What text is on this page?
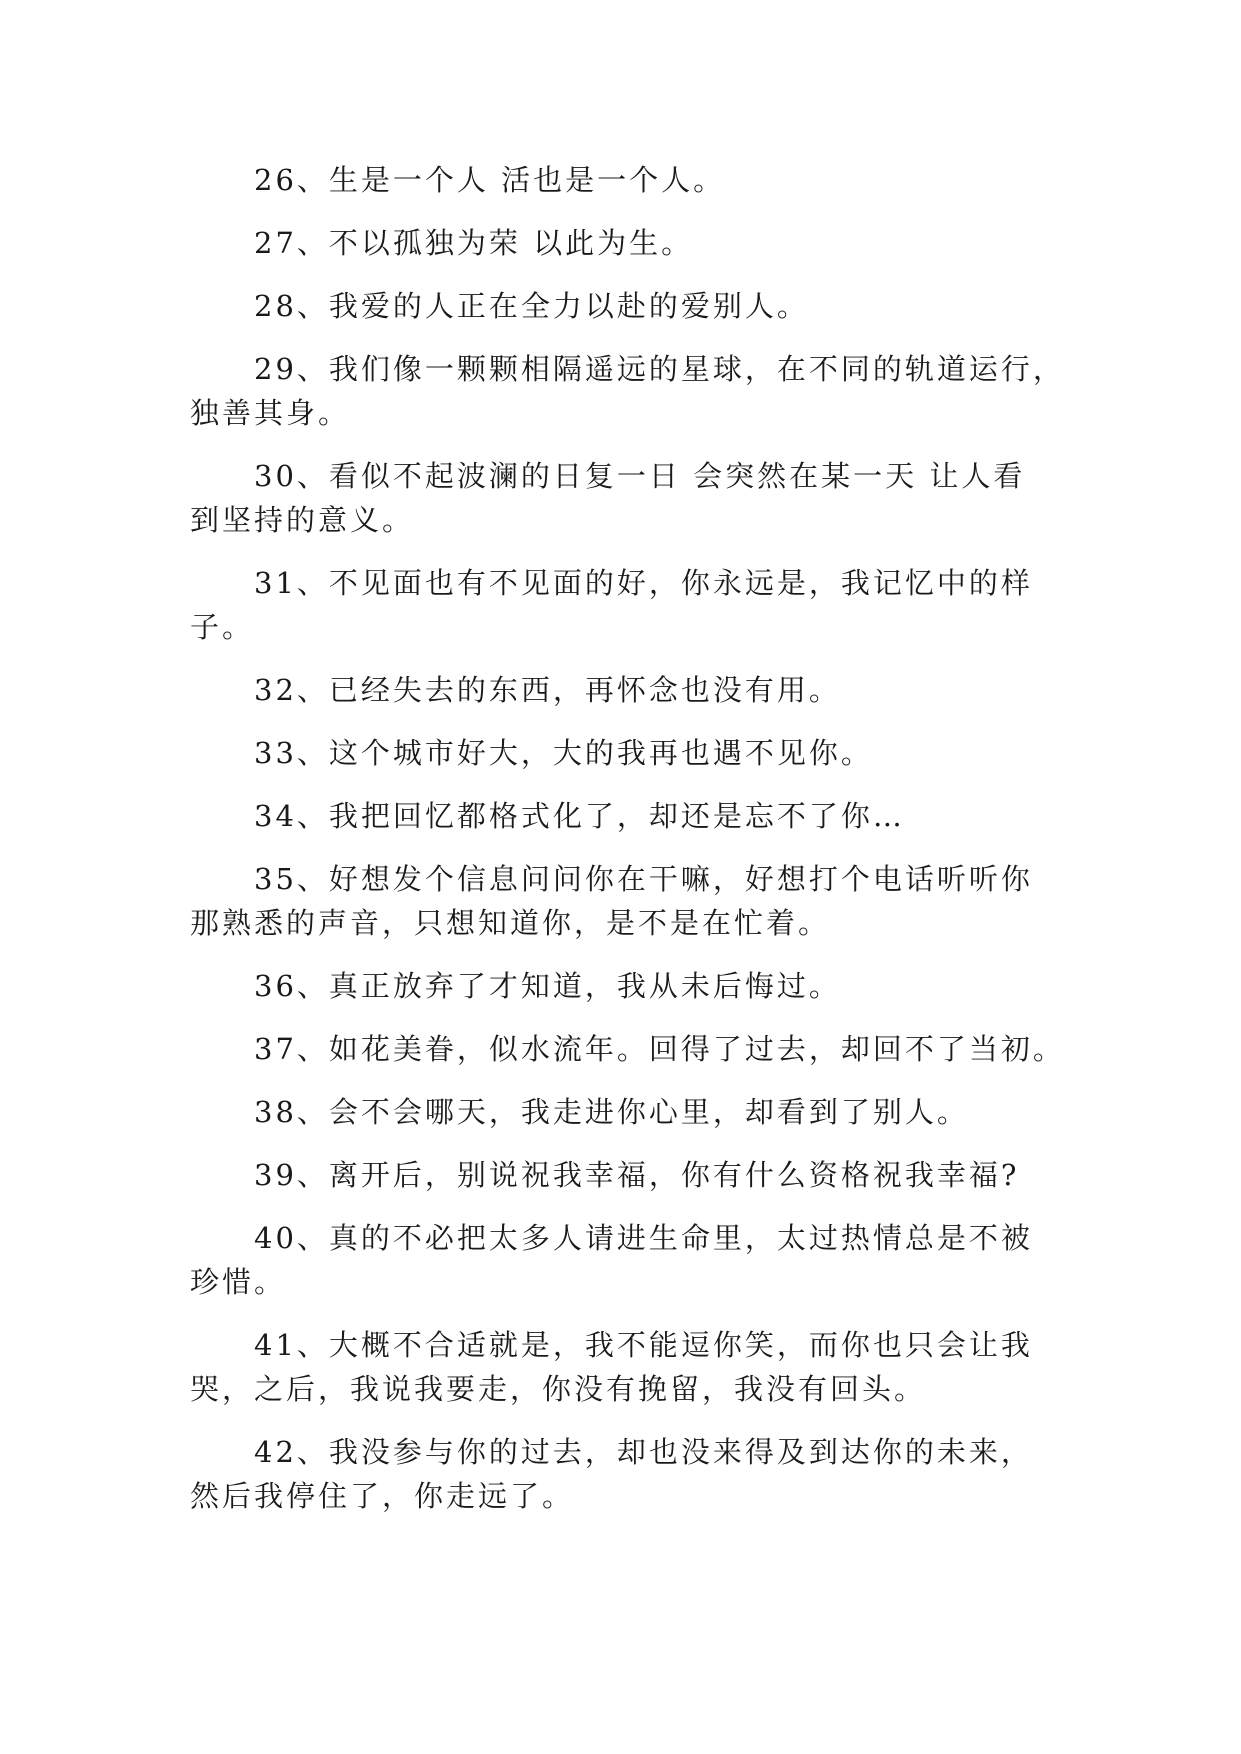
26、生是一个人 活也是一个人。

27、不以孤独为荣 以此为生。

28、我爱的人正在全力以赴的爱别人。

29、我们像一颗颗相隔遥远的星球，在不同的轨道运行，
独善其身。

30、看似不起波澜的日复一日 会突然在某一天 让人看
到坚持的意义。

31、不见面也有不见面的好，你永远是，我记忆中的样
子。

32、已经失去的东西，再怀念也没有用。

33、这个城市好大，大的我再也遇不见你。

34、我把回忆都格式化了，却还是忘不了你…

35、好想发个信息问问你在干嘛，好想打个电话听听你
那熟悉的声音，只想知道你，是不是在忙着。

36、真正放弃了才知道，我从未后悔过。

37、如花美眷，似水流年。回得了过去，却回不了当初。

38、会不会哪天，我走进你心里，却看到了别人。

39、离开后，别说祝我幸福，你有什么资格祝我幸福?

40、真的不必把太多人请进生命里，太过热情总是不被
珍惜。

41、大概不合适就是，我不能逗你笑，而你也只会让我
哭，之后，我说我要走，你没有挽留，我没有回头。

42、我没参与你的过去，却也没来得及到达你的未来，
然后我停住了，你走远了。
